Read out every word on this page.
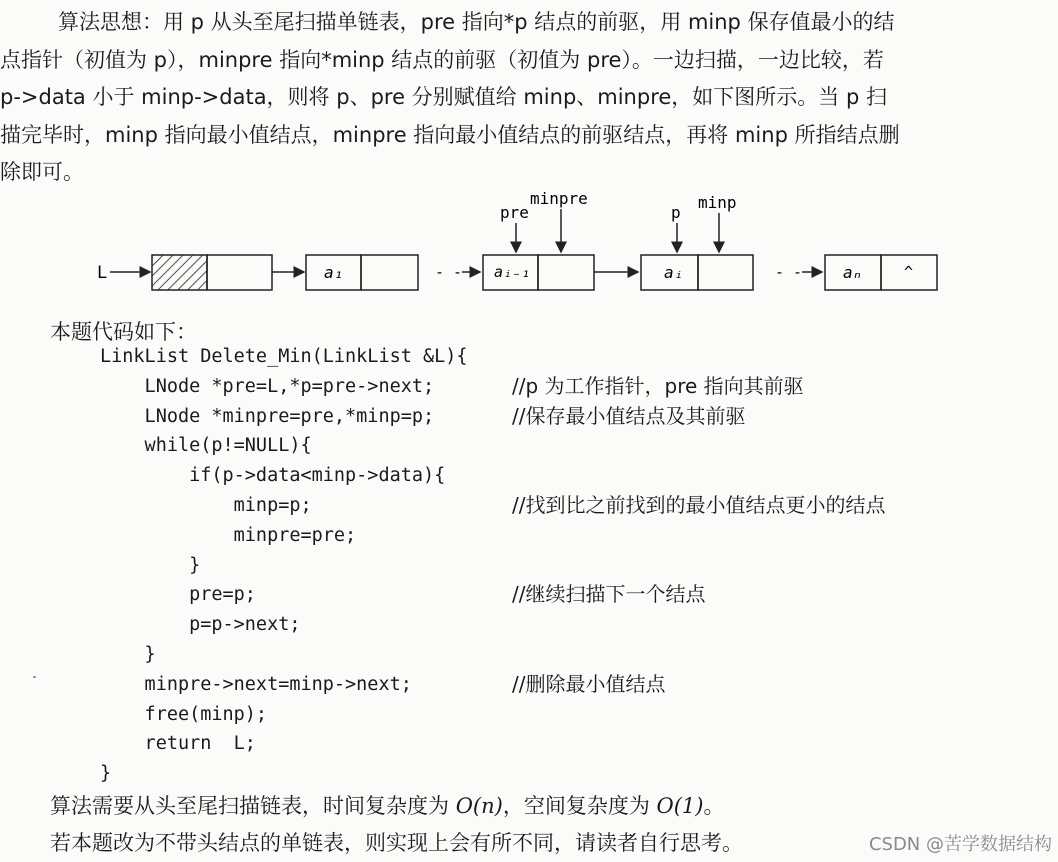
算法思想：用 p 从头至尾扫描单链表，pre 指向*p 结点的前驱，用 minp 保存值最小的结
点指针（初值为 p），minpre 指向*minp 结点的前驱（初值为 pre）。一边扫描，一边比较，若
p->data 小于 minp->data，则将 p、pre 分别赋值给 minp、minpre，如下图所示。当 p 扫
描完毕时，minp 指向最小值结点，minpre 指向最小值结点的前驱结点，再将 minp 所指结点删
除即可。
L	a₁	- - - aᵢ₋₁
pre
minpre
aᵢ
p
minp
- - - aₙ	^
本题代码如下：
LinkList Delete_Min(LinkList &L){
LNode *pre=L,*p=pre->next;	//p 为工作指针，pre 指向其前驱
LNode *minpre=pre,*minp=p;	//保存最小值结点及其前驱
while(p!=NULL){
if(p->data<minp->data){
minp=p;	//找到比之前找到的最小值结点更小的结点
minpre=pre;
}
pre=p;	//继续扫描下一个结点
p=p->next;
}
minpre->next=minp->next;	//删除最小值结点
free(minp);
return  L;
}
算法需要从头至尾扫描链表，时间复杂度为 O(n)，空间复杂度为 O(1)。
若本题改为不带头结点的单链表，则实现上会有所不同，请读者自行思考。	CSDN @苦学数据结构
